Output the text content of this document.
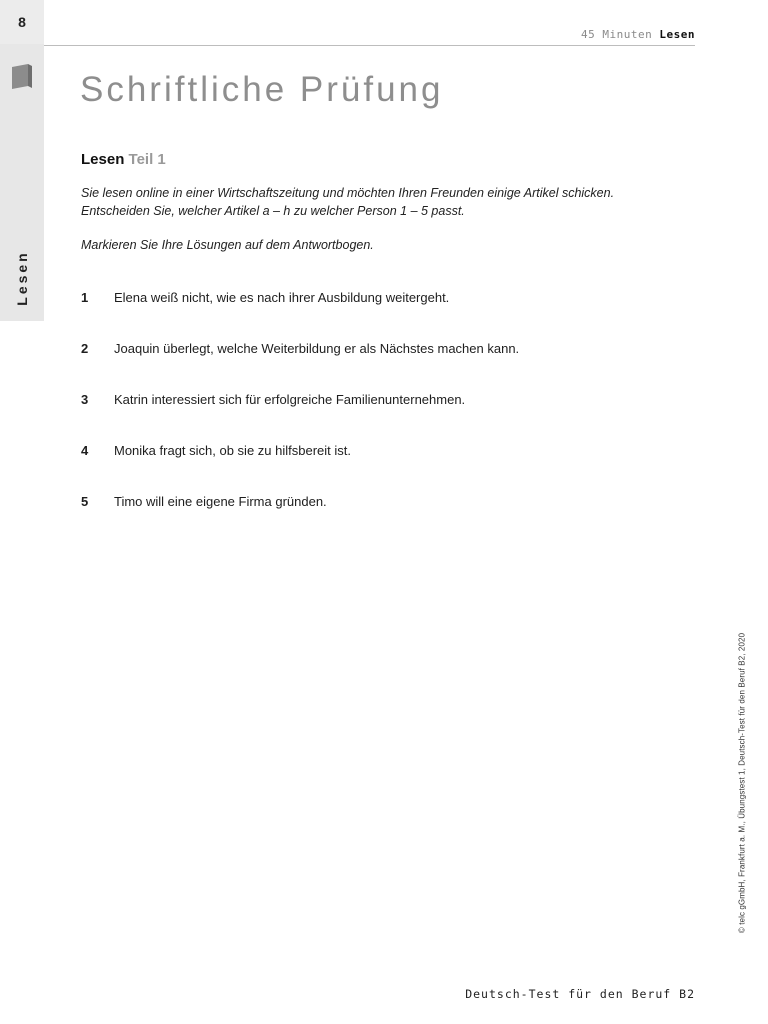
8
Lesen
45 Minuten Lesen
Schriftliche Prüfung
Lesen Teil 1

Sie lesen online in einer Wirtschaftszeitung und möchten Ihren Freunden einige Artikel schicken.

Entscheiden Sie, welcher Artikel a – h zu welcher Person 1 – 5 passt.

Markieren Sie Ihre Lösungen auf dem Antwortbogen.

1 Elena weiß nicht, wie es nach ihrer Ausbildung weitergeht.
2 Joaquin überlegt, welche Weiterbildung er als Nächstes machen kann.
3 Katrin interessiert sich für erfolgreiche Familienunternehmen.
4 Monika fragt sich, ob sie zu hilfsbereit ist.
5 Timo will eine eigene Firma gründen.
© telc gGmbH, Frankfurt a. M., Übungstest 1, Deutsch-Test für den Beruf B2, 2020
Deutsch-Test für den Beruf B2
